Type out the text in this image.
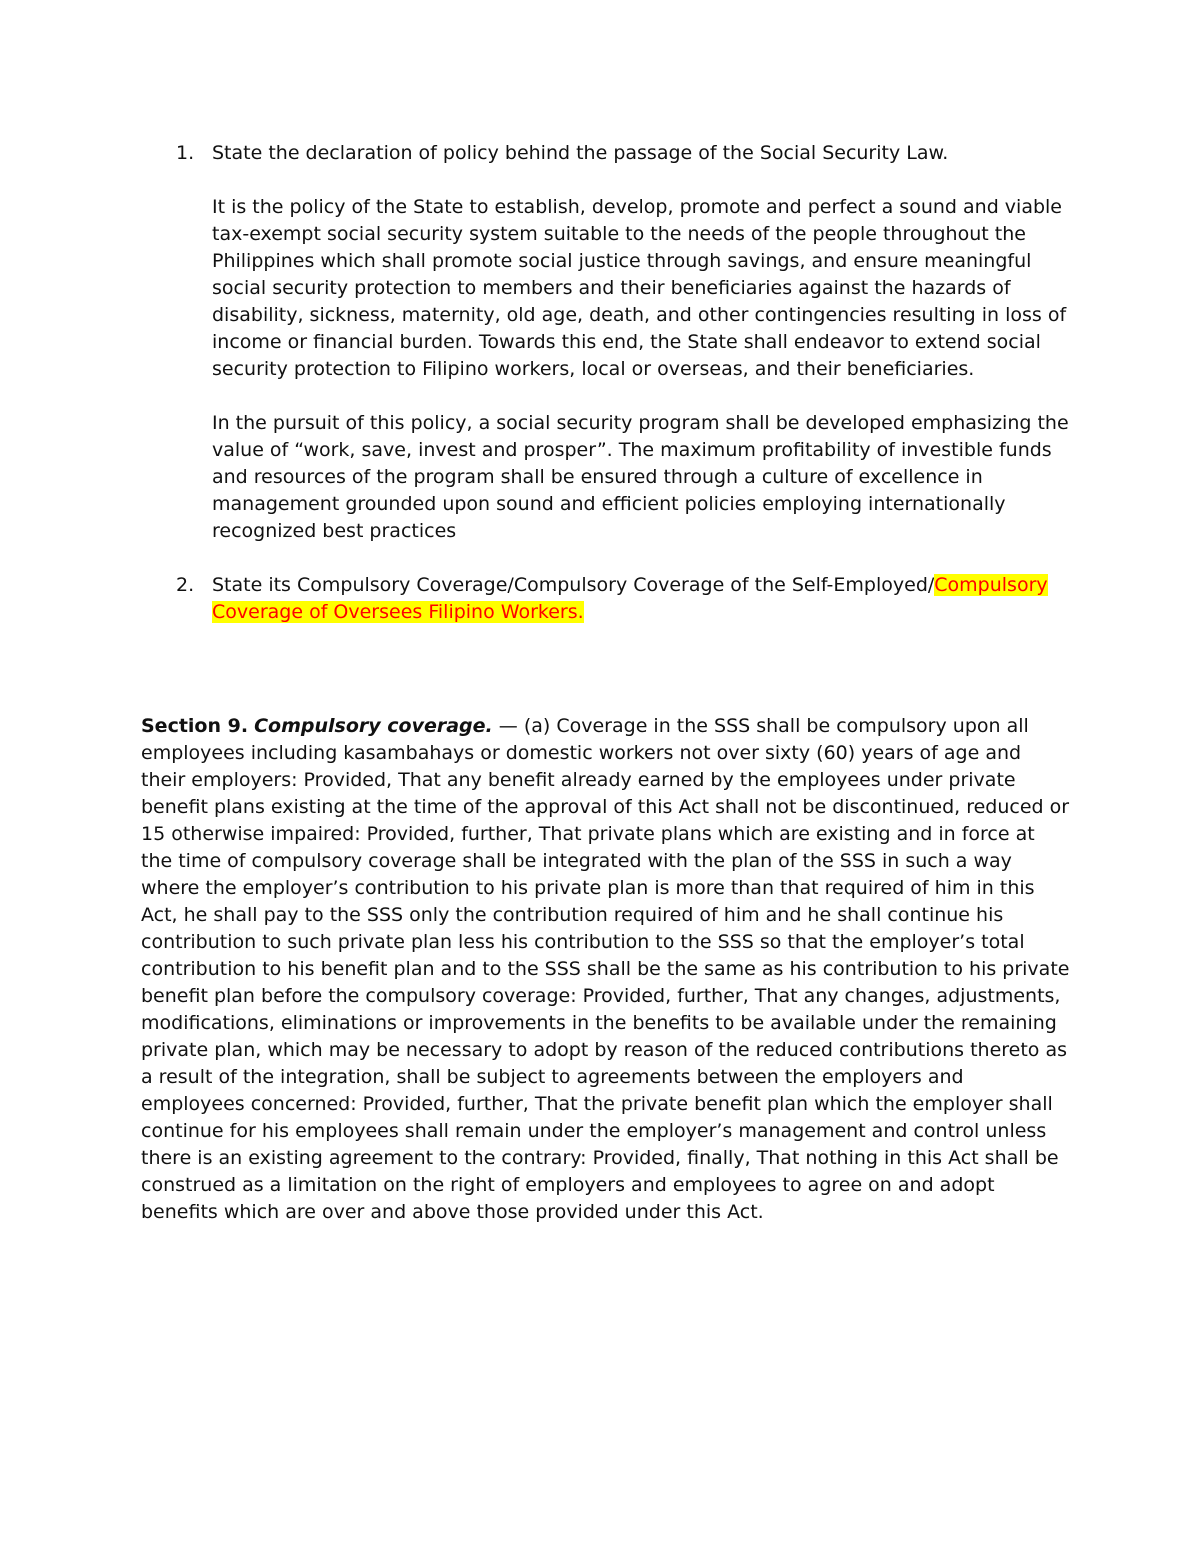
1. State the declaration of policy behind the passage of the Social Security Law.

It is the policy of the State to establish, develop, promote and perfect a sound and viable tax-exempt social security system suitable to the needs of the people throughout the Philippines which shall promote social justice through savings, and ensure meaningful social security protection to members and their beneficiaries against the hazards of disability, sickness, maternity, old age, death, and other contingencies resulting in loss of income or financial burden. Towards this end, the State shall endeavor to extend social security protection to Filipino workers, local or overseas, and their beneficiaries.

In the pursuit of this policy, a social security program shall be developed emphasizing the value of “work, save, invest and prosper”. The maximum profitability of investible funds and resources of the program shall be ensured through a culture of excellence in management grounded upon sound and efficient policies employing internationally recognized best practices

2. State its Compulsory Coverage/Compulsory Coverage of the Self-Employed/Compulsory Coverage of Oversees Filipino Workers.

Section 9. Compulsory coverage. — (a) Coverage in the SSS shall be compulsory upon all employees including kasambahays or domestic workers not over sixty (60) years of age and their employers: Provided, That any benefit already earned by the employees under private benefit plans existing at the time of the approval of this Act shall not be discontinued, reduced or 15 otherwise impaired: Provided, further, That private plans which are existing and in force at the time of compulsory coverage shall be integrated with the plan of the SSS in such a way where the employer’s contribution to his private plan is more than that required of him in this Act, he shall pay to the SSS only the contribution required of him and he shall continue his contribution to such private plan less his contribution to the SSS so that the employer’s total contribution to his benefit plan and to the SSS shall be the same as his contribution to his private benefit plan before the compulsory coverage: Provided, further, That any changes, adjustments, modifications, eliminations or improvements in the benefits to be available under the remaining private plan, which may be necessary to adopt by reason of the reduced contributions thereto as a result of the integration, shall be subject to agreements between the employers and employees concerned: Provided, further, That the private benefit plan which the employer shall continue for his employees shall remain under the employer’s management and control unless there is an existing agreement to the contrary: Provided, finally, That nothing in this Act shall be construed as a limitation on the right of employers and employees to agree on and adopt benefits which are over and above those provided under this Act.
